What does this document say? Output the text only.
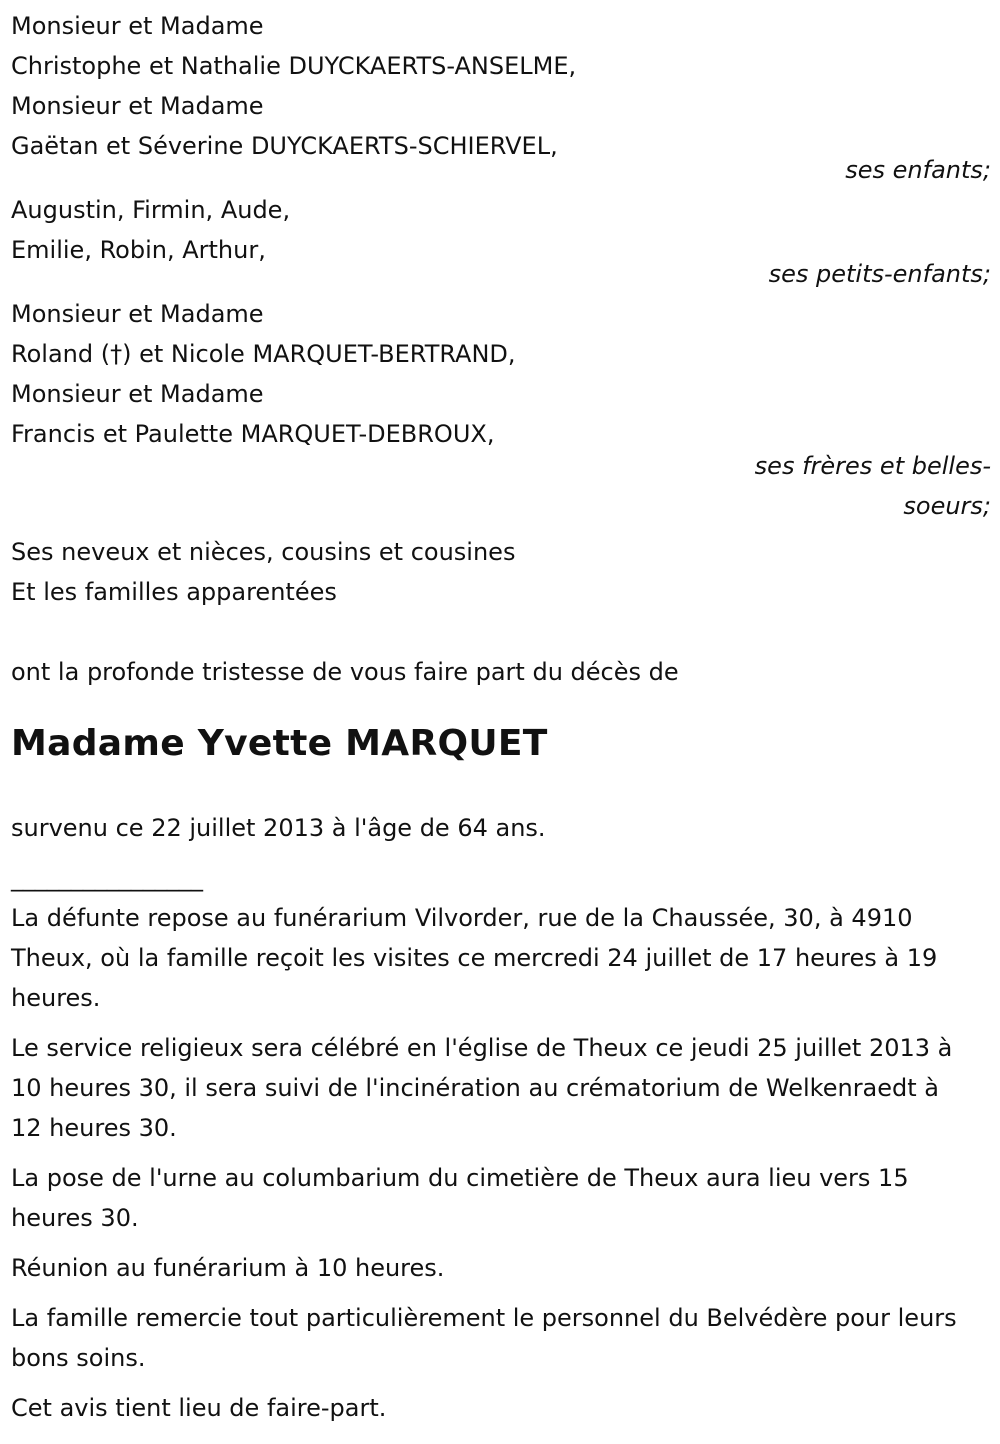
Monsieur et Madame
Christophe et Nathalie DUYCKAERTS-ANSELME,
Monsieur et Madame
Gaëtan et Séverine DUYCKAERTS-SCHIERVEL,
ses enfants;
Augustin, Firmin, Aude,
Emilie, Robin, Arthur,
ses petits-enfants;
Monsieur et Madame
Roland (†) et Nicole MARQUET-BERTRAND,
Monsieur et Madame
Francis et Paulette MARQUET-DEBROUX,
ses frères et belles-soeurs;
Ses neveux et nièces, cousins et cousines
Et les familles apparentées
ont la profonde tristesse de vous faire part du décès de
Madame Yvette MARQUET
survenu ce 22 juillet 2013 à l'âge de 64 ans.
________________
La défunte repose au funérarium Vilvorder, rue de la Chaussée, 30, à 4910 Theux, où la famille reçoit les visites ce mercredi 24 juillet de 17 heures à 19 heures.
Le service religieux sera célébré en l'église de Theux ce jeudi 25 juillet 2013 à 10 heures 30, il sera suivi de l'incinération au crématorium de Welkenraedt à 12 heures 30.
La pose de l'urne au columbarium du cimetière de Theux aura lieu vers 15 heures 30.
Réunion au funérarium à 10 heures.
La famille remercie tout particulièrement le personnel du Belvédère pour leurs bons soins.
Cet avis tient lieu de faire-part.
